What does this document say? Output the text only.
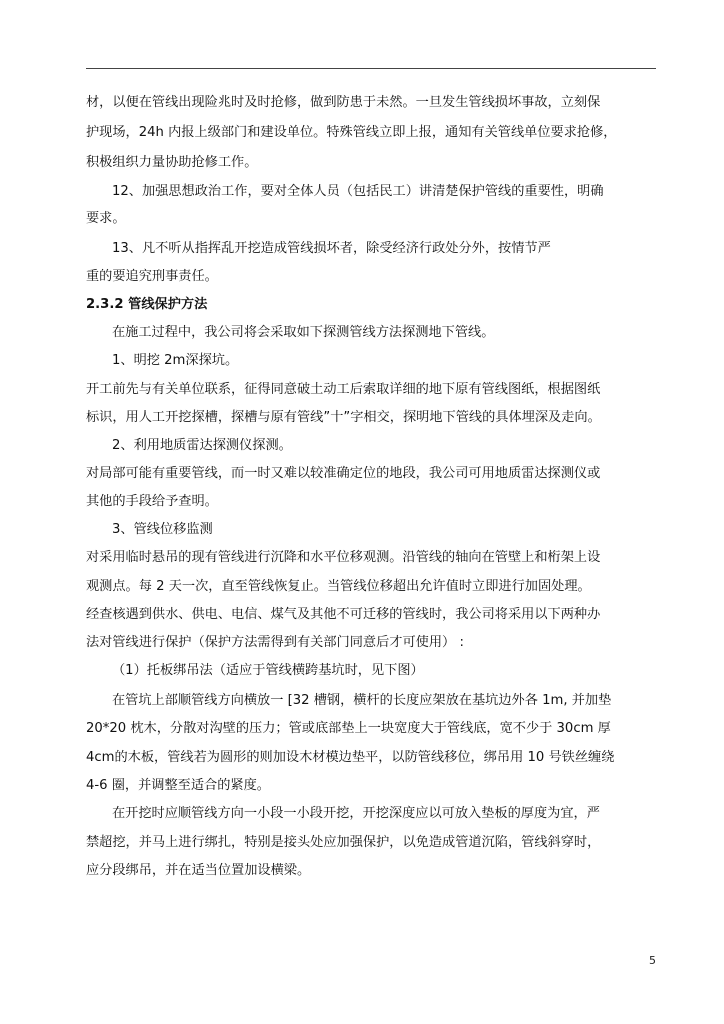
材，以便在管线出现险兆时及时抢修，做到防患于未然。一旦发生管线损坏事故，立刻保
护现场，24h 内报上级部门和建设单位。特殊管线立即上报，通知有关管线单位要求抢修，
积极组织力量协助抢修工作。
12、加强思想政治工作，要对全体人员（包括民工）讲清楚保护管线的重要性，明确
要求。
13、凡不听从指挥乱开挖造成管线损坏者，除受经济行政处分外，按情节严
重的要追究刑事责任。
2.3.2 管线保护方法
在施工过程中，我公司将会采取如下探测管线方法探测地下管线。
1、明挖 2m深探坑。
开工前先与有关单位联系，征得同意破土动工后索取详细的地下原有管线图纸，根据图纸
标识，用人工开挖探槽，探槽与原有管线”十”字相交，探明地下管线的具体埋深及走向。
2、利用地质雷达探测仪探测。
对局部可能有重要管线，而一时又难以较准确定位的地段，我公司可用地质雷达探测仪或
其他的手段给予查明。
3、管线位移监测
对采用临时悬吊的现有管线进行沉降和水平位移观测。沿管线的轴向在管壁上和桁架上设
观测点。每 2 天一次，直至管线恢复止。当管线位移超出允许值时立即进行加固处理。
经查核遇到供水、供电、电信、煤气及其他不可迁移的管线时，我公司将采用以下两种办
法对管线进行保护（保护方法需得到有关部门同意后才可使用） :
（1）托板绑吊法（适应于管线横跨基坑时，见下图）
在管坑上部顺管线方向横放一 [32 槽钢，横杆的长度应架放在基坑边外各 1m, 并加垫
20*20 枕木，分散对沟壁的压力；管或底部垫上一块宽度大于管线底，宽不少于 30cm 厚
4cm的木板，管线若为圆形的则加设木材模边垫平，以防管线移位，绑吊用 10 号铁丝缠绕
4-6 圈，并调整至适合的紧度。
在开挖时应顺管线方向一小段一小段开挖，开挖深度应以可放入垫板的厚度为宜，严
禁超挖，并马上进行绑扎，特别是接头处应加强保护，以免造成管道沉陷，管线斜穿时，
应分段绑吊，并在适当位置加设横梁。
5
